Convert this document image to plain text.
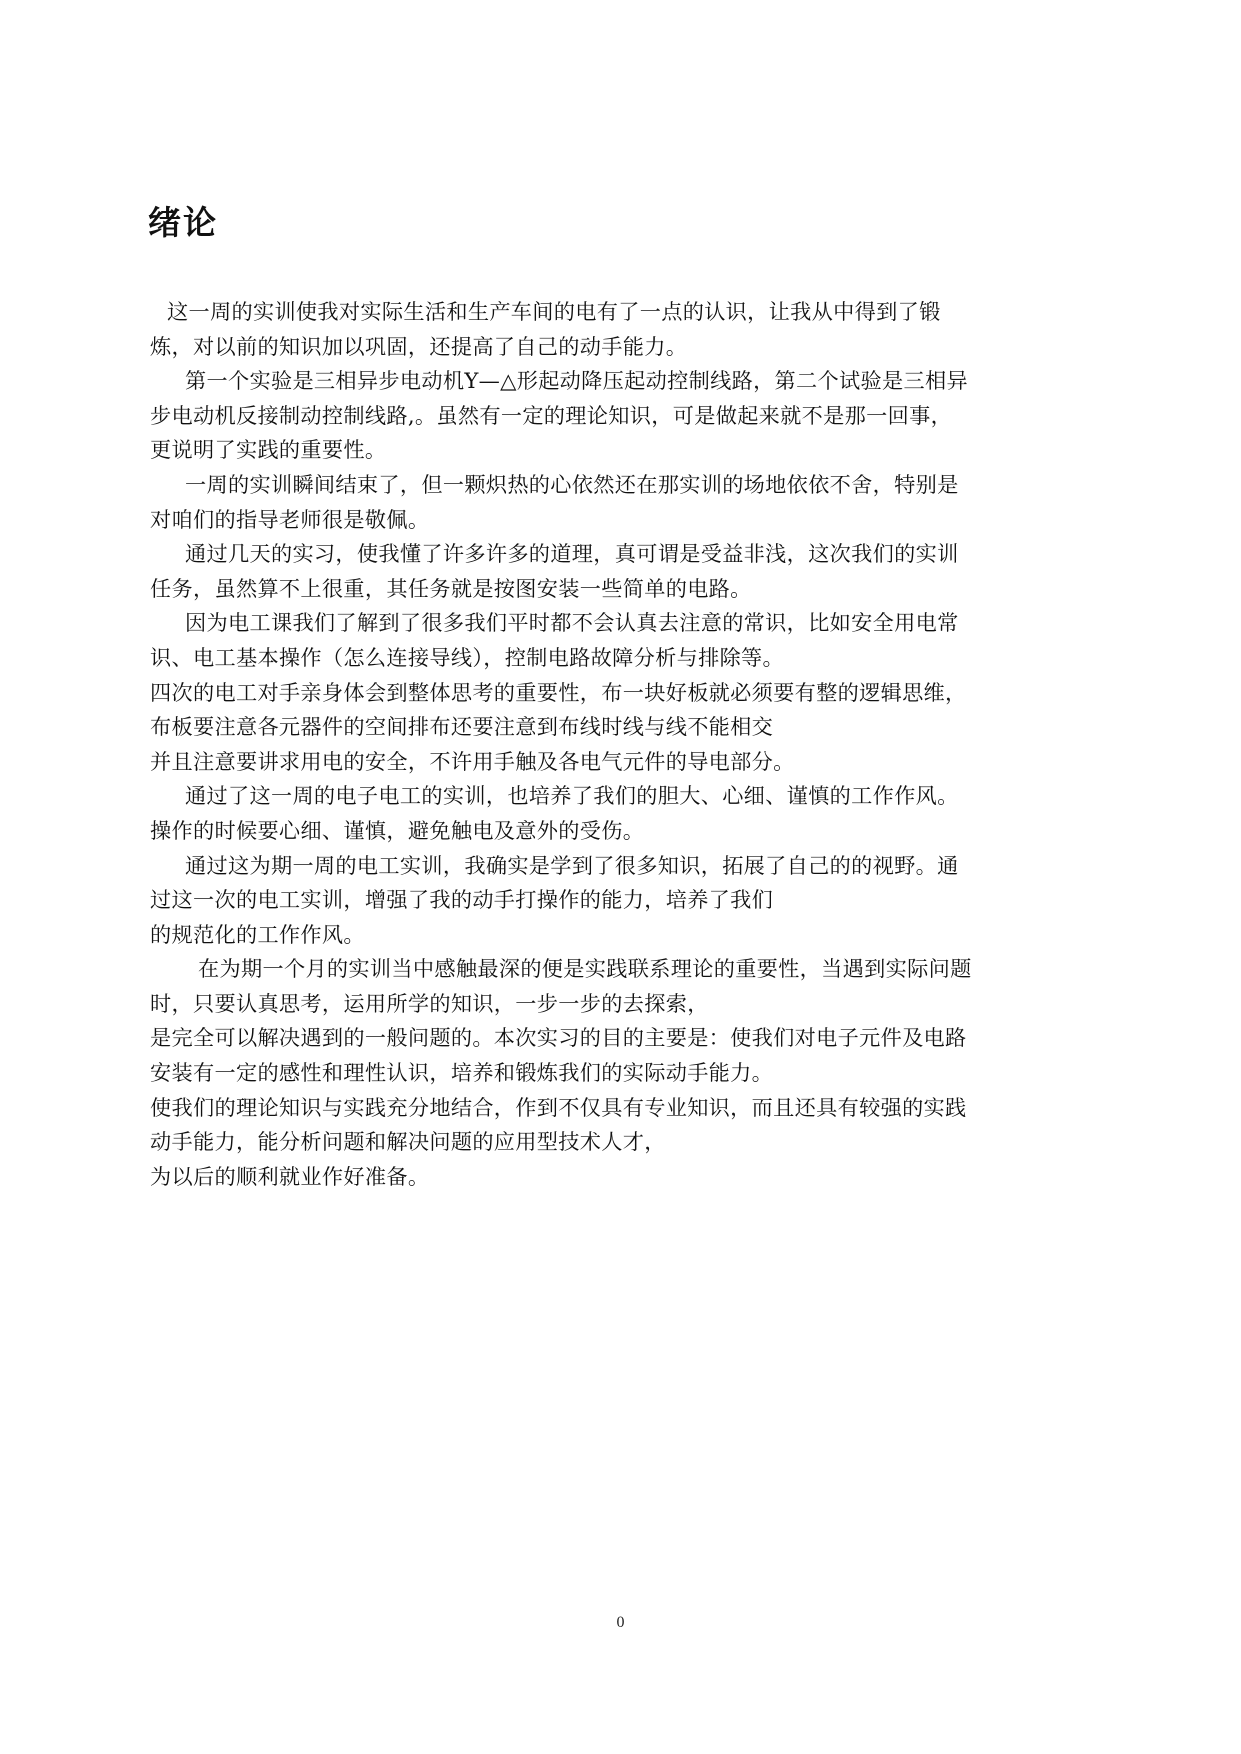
绪论
这一周的实训使我对实际生活和生产车间的电有了一点的认识，让我从中得到了锻
炼，对以前的知识加以巩固，还提高了自己的动手能力。
第一个实验是三相异步电动机Y—△形起动降压起动控制线路，第二个试验是三相异
步电动机反接制动控制线路,。虽然有一定的理论知识，可是做起来就不是那一回事，
更说明了实践的重要性。
一周的实训瞬间结束了，但一颗炽热的心依然还在那实训的场地依依不舍，特别是
对咱们的指导老师很是敬佩。
通过几天的实习，使我懂了许多许多的道理，真可谓是受益非浅，这次我们的实训
任务，虽然算不上很重，其任务就是按图安装一些简单的电路。
因为电工课我们了解到了很多我们平时都不会认真去注意的常识，比如安全用电常
识、电工基本操作（怎么连接导线），控制电路故障分析与排除等。
四次的电工对手亲身体会到整体思考的重要性，布一块好板就必须要有整的逻辑思维，
布板要注意各元器件的空间排布还要注意到布线时线与线不能相交
并且注意要讲求用电的安全，不许用手触及各电气元件的导电部分。
通过了这一周的电子电工的实训，也培养了我们的胆大、心细、谨慎的工作作风。
操作的时候要心细、谨慎，避免触电及意外的受伤。
通过这为期一周的电工实训，我确实是学到了很多知识，拓展了自己的的视野。通
过这一次的电工实训，增强了我的动手打操作的能力，培养了我们
的规范化的工作作风。
在为期一个月的实训当中感触最深的便是实践联系理论的重要性，当遇到实际问题
时，只要认真思考，运用所学的知识，一步一步的去探索，
是完全可以解决遇到的一般问题的。本次实习的目的主要是：使我们对电子元件及电路
安装有一定的感性和理性认识，培养和锻炼我们的实际动手能力。
使我们的理论知识与实践充分地结合，作到不仅具有专业知识，而且还具有较强的实践
动手能力，能分析问题和解决问题的应用型技术人才，
为以后的顺利就业作好准备。
0
